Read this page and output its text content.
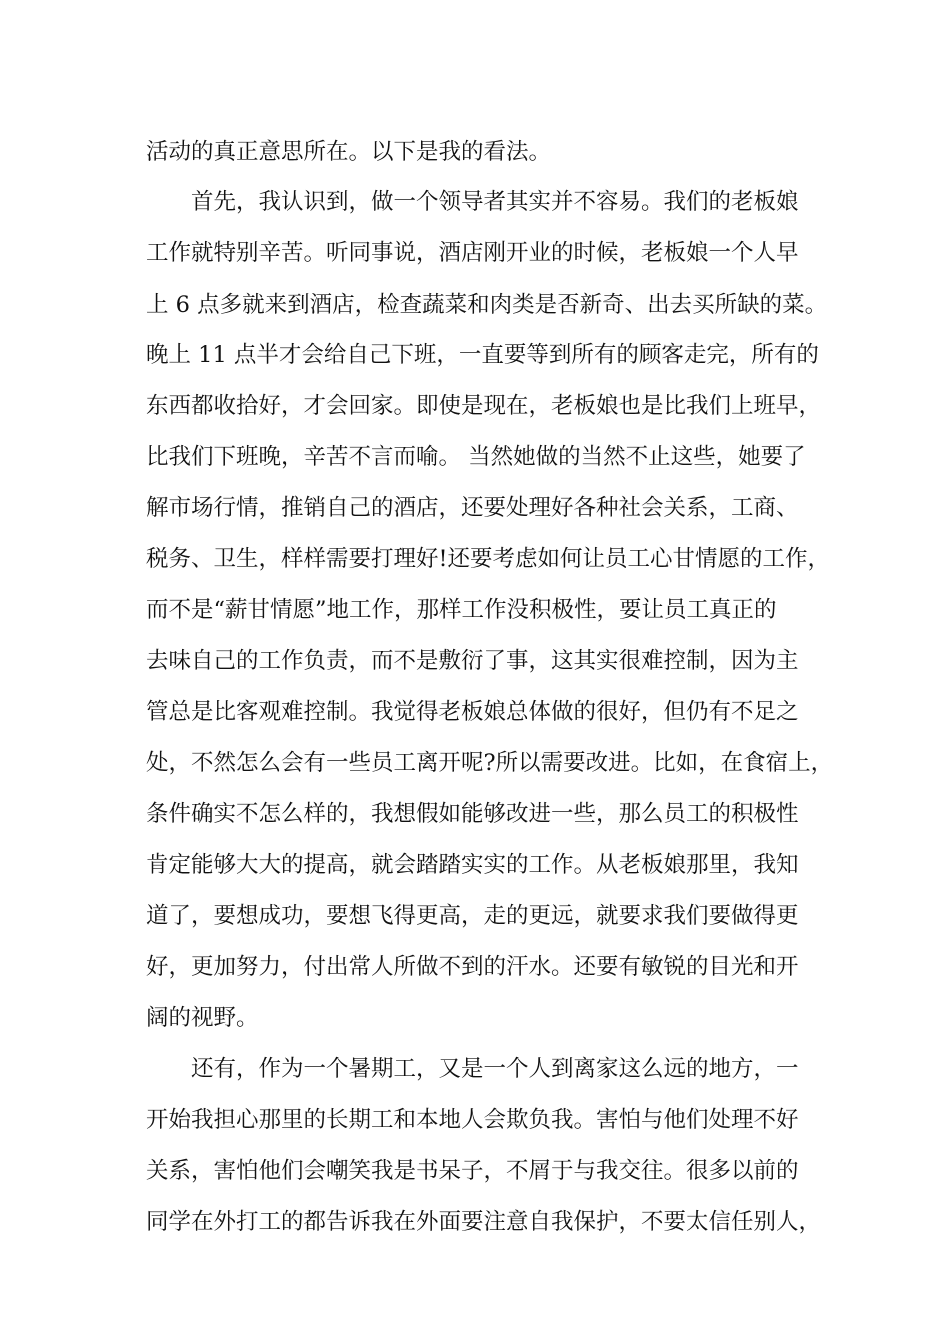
活动的真正意思所在。以下是我的看法。

首先，我认识到，做一个领导者其实并不容易。我们的老板娘

工作就特别辛苦。听同事说，酒店刚开业的时候，老板娘一个人早

上 6 点多就来到酒店，检查蔬菜和肉类是否新奇、出去买所缺的菜。

晚上 11 点半才会给自己下班，一直要等到所有的顾客走完，所有的

东西都收拾好，才会回家。即使是现在，老板娘也是比我们上班早，

比我们下班晚，辛苦不言而喻。 当然她做的当然不止这些，她要了

解市场行情，推销自己的酒店，还要处理好各种社会关系，工商、

税务、卫生，样样需要打理好!还要考虑如何让员工心甘情愿的工作，

而不是“薪甘情愿”地工作，那样工作没积极性，要让员工真正的

去味自己的工作负责，而不是敷衍了事，这其实很难控制，因为主

管总是比客观难控制。我觉得老板娘总体做的很好，但仍有不足之

处，不然怎么会有一些员工离开呢?所以需要改进。比如，在食宿上，

条件确实不怎么样的，我想假如能够改进一些，那么员工的积极性

肯定能够大大的提高，就会踏踏实实的工作。从老板娘那里，我知

道了，要想成功，要想飞得更高，走的更远，就要求我们要做得更

好，更加努力，付出常人所做不到的汗水。还要有敏锐的目光和开

阔的视野。

还有，作为一个暑期工，又是一个人到离家这么远的地方，一

开始我担心那里的长期工和本地人会欺负我。害怕与他们处理不好

关系，害怕他们会嘲笑我是书呆子，不屑于与我交往。很多以前的

同学在外打工的都告诉我在外面要注意自我保护，不要太信任别人，
